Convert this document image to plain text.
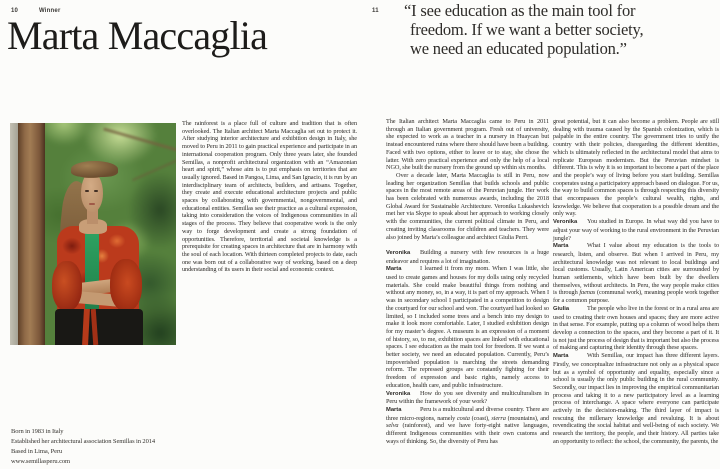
10	Winner
Marta Maccaglia

The rainforest is a place full of culture and tradition that is often overlooked. The Italian architect Marta Maccaglia set out to protect it. After studying interior architecture and exhibition design in Italy, she moved to Peru in 2011 to gain practical experience and participate in an international cooperation program. Only three years later, she founded Semillas, a nonprofit architectural organization with an “Amazonian heart and spirit,” whose aim is to put emphasis on territories that are usually ignored. Based in Pangoa, Lima, and San Ignacio, it is run by an interdisciplinary team of architects, builders, and artisans. Together, they create and execute educational architecture projects and public spaces by collaborating with governmental, nongovernmental, and educational entities. Semillas see their practice as a cultural expression, taking into consideration the voices of Indigenous communities in all stages of the process. They believe that cooperative work is the only way to forge development and create a strong foundation of opportunities. Therefore, territorial and societal knowledge is a prerequisite for creating spaces in architecture that are in harmony with the soul of each location. With thirteen completed projects to date, each one was born out of a collaborative way of working, based on a deep understanding of its users in their social and economic context.

Born in 1983 in Italy
Established her architectural association Semillas in 2014
Based in Lima, Peru
www.semillasperu.com
11 “I see education as the main tool for
freedom. If we want a better society,
we need an educated population.”

The Italian architect Marta Maccaglia came to Peru in 2011 through an Italian government program. Fresh out of university, she expected to work as a teacher in a nursery in Huaycan but instead encountered ruins where there should have been a building. Faced with two options, either to leave or to stay, she chose the latter. With zero practical experience and only the help of a local NGO, she built the nursery from the ground up within six months.

Over a decade later, Marta Maccaglia is still in Peru, now leading her organization Semillas that builds schools and public spaces in the most remote areas of the Peruvian jungle. Her work has been celebrated with numerous awards, including the 2018 Global Award for Sustainable Architecture. Veronika Lukashevich met her via Skype to speak about her approach to working closely with the communities, the current political climate in Peru, and creating inviting classrooms for children and teachers. They were also joined by Marta’s colleague and architect Giulia Perri.

Veronika Building a nursery with few resources is a huge endeavor and requires a lot of imagination.
Marta	I learned it from my mom. When I was little, she used to create games and houses for my dolls using only recycled materials. She could make beautiful things from nothing and without any money, so, in a way, it is part of my approach. When I was in secondary school I participated in a competition to design the courtyard for our school and won. The courtyard had looked so limited, so I included some trees and a bench into my design to make it look more comfortable. Later, I studied exhibition design for my master’s degree. A museum is an expression of a moment of history, so, to me, exhibition spaces are linked with educational spaces. I see education as the main tool for freedom. If we want a better society, we need an educated population. Currently, Peru’s impoverished population is marching the streets demanding reform. The repressed groups are constantly fighting for their freedom of expression and basic rights, namely access to education, health care, and public infrastructure.
Veronika How do you see diversity and multiculturalism in Peru within the framework of your work?
Marta	Peru is a multicultural and diverse country. There are three micro-regions, namely costa (coast), sierra (mountains), and selva (rainforest), and we have forty-eight native languages, different Indigenous communities with their own customs and ways of thinking. So, the diversity of Peru has

great potential, but it can also become a problem. People are still dealing with trauma caused by the Spanish colonization, which is palpable in the entire country. The government tries to unify the country with their policies, disregarding the different identities, which is ultimately reflected in the architectural model that aims to replicate European modernism. But the Peruvian mindset is different. This is why it is so important to become a part of the place and the people’s way of living before you start building. Semillas cooperates using a participatory approach based on dialogue. For us, the way to build common spaces is through respecting this diversity that encompasses the people’s cultural wealth, rights, and knowledge. We believe that cooperation is a possible dream and the only way.

Veronika You studied in Europe. In what way did you have to adjust your way of working to the rural environment in the Peruvian jungle?
Marta	What I value about my education is the tools to research, listen, and observe. But when I arrived in Peru, my architectural knowledge was not relevant to local buildings and local customs. Usually, Latin American cities are surrounded by human settlements, which have been built by the dwellers themselves, without architects. In Peru, the way people make cities is through faenas (communal work), meaning people work together for a common purpose.
Giulia	The people who live in the forest or in a rural area are used to creating their own houses and spaces; they are more active in that sense. For example, putting up a column of wood helps them develop a connection to the spaces, and they become a part of it. It is not just the process of design that is important but also the process of making and capturing their identity through these spaces.
Marta	With Semillas, our impact has three different layers. Firstly, we conceptualize infrastructure not only as a physical space but as a symbol of opportunity and equality, especially since a school is usually the only public building in the rural community. Secondly, our impact lies in improving the empirical communitarian process and taking it to a new participatory level as a learning process of interchange. A space where everyone can participate actively in the decision-making. The third layer of impact is rescuing the millenary knowledge and revaluing. It is about revendicating the social habitat and well-being of each society. We research the territory, the people, and their history. All parties take an opportunity to reflect: the school, the community, the parents, the
